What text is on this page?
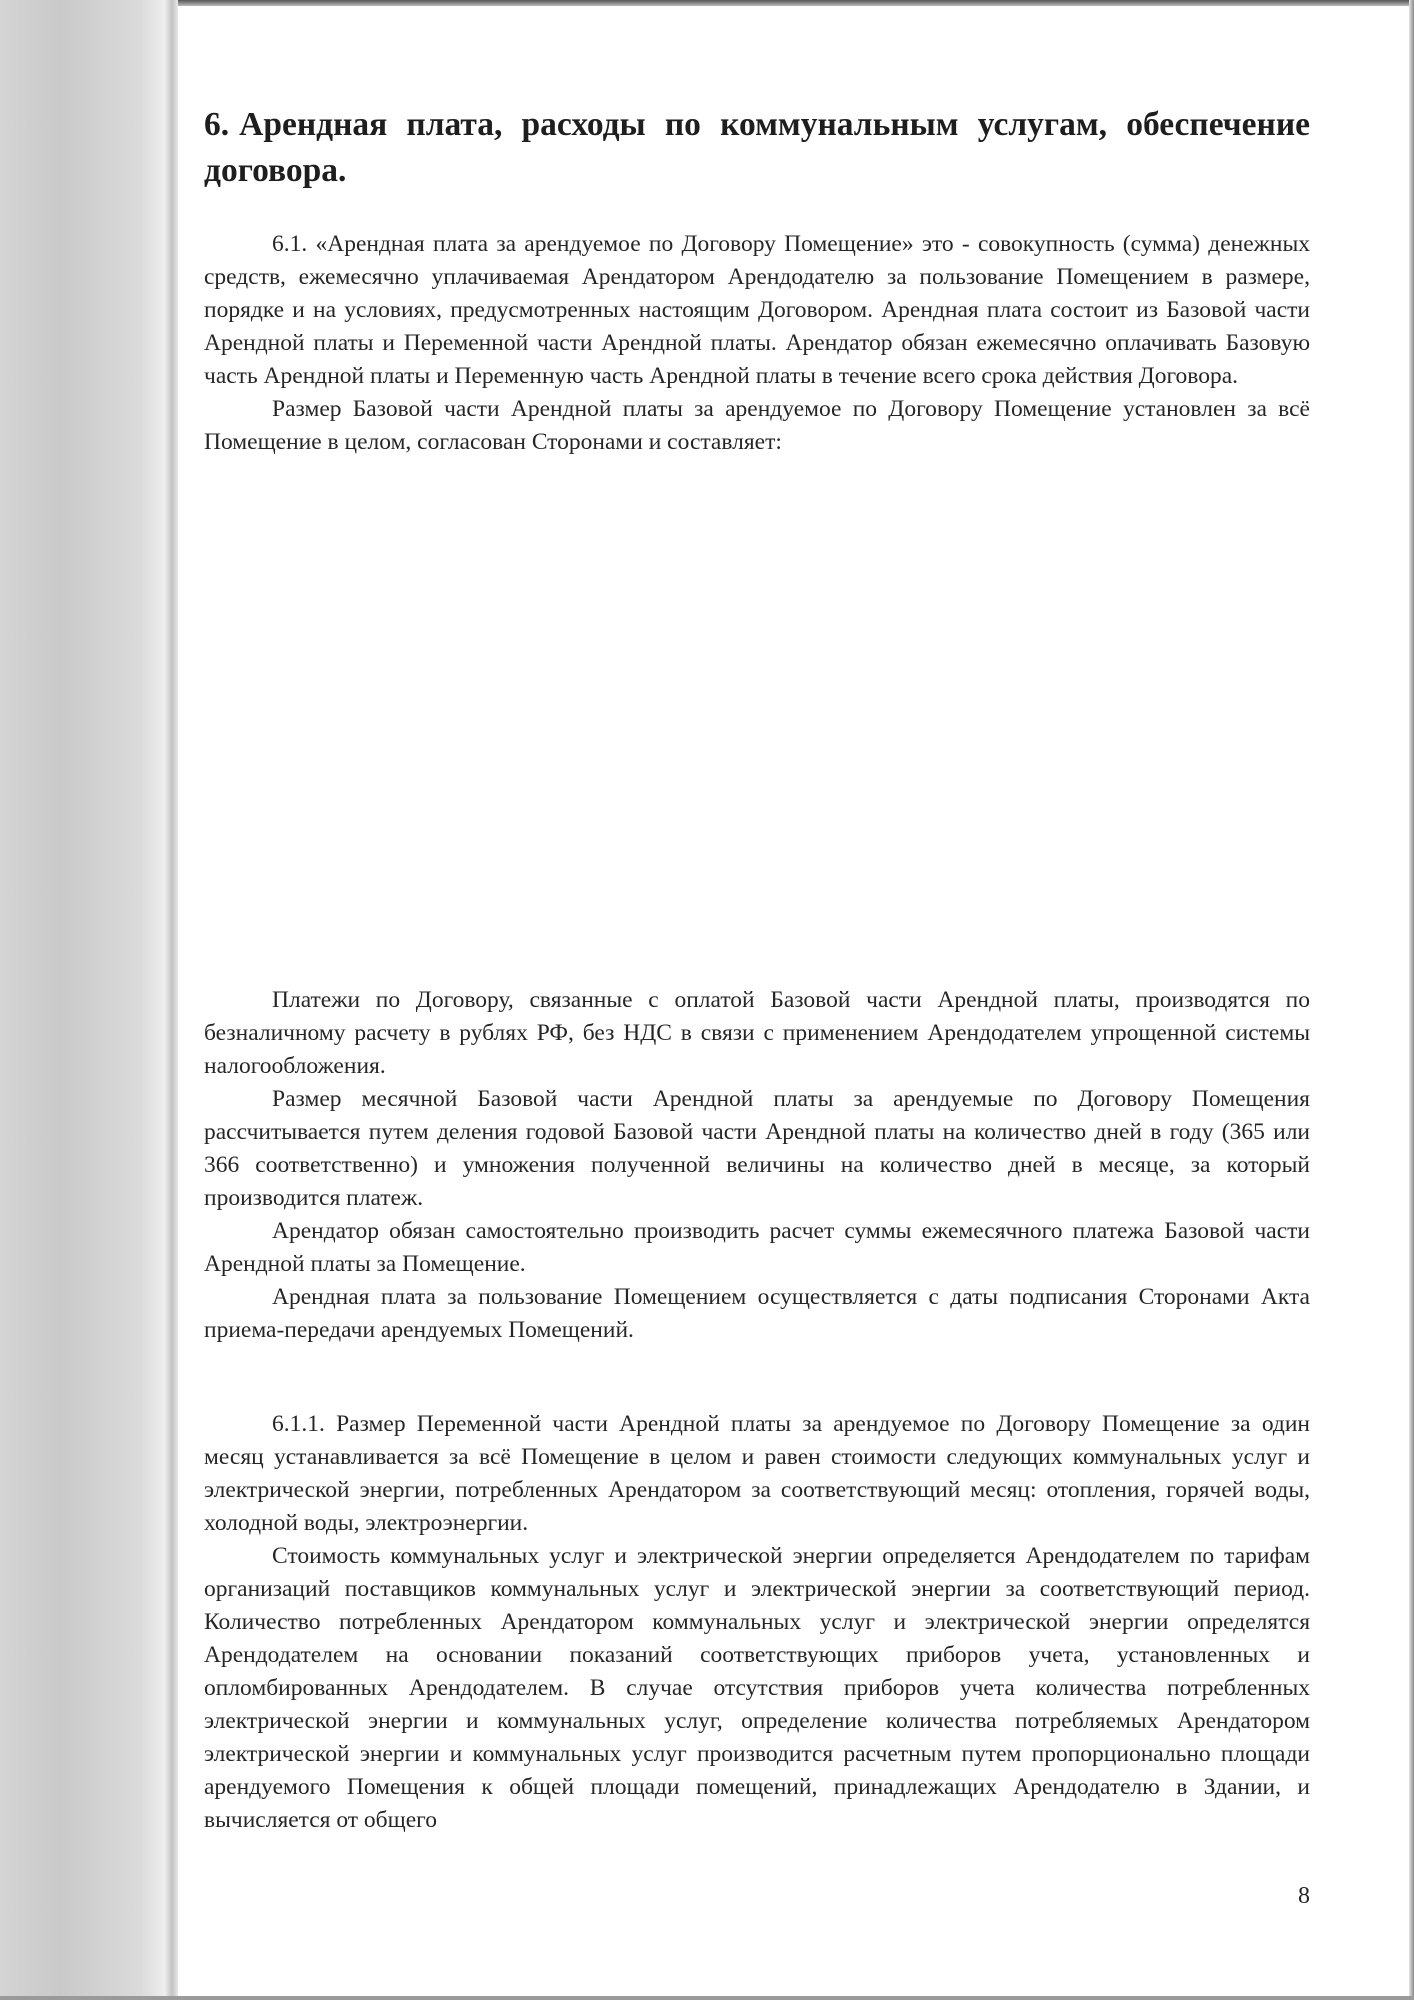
6. Арендная плата, расходы по коммунальным услугам, обеспечение договора.

6.1. «Арендная плата за арендуемое по Договору Помещение» это - совокупность (сумма) денежных средств, ежемесячно уплачиваемая Арендатором Арендодателю за пользование Помещением в размере, порядке и на условиях, предусмотренных настоящим Договором. Арендная плата состоит из Базовой части Арендной платы и Переменной части Арендной платы. Арендатор обязан ежемесячно оплачивать Базовую часть Арендной платы и Переменную часть Арендной платы в течение всего срока действия Договора.

Размер Базовой части Арендной платы за арендуемое по Договору Помещение установлен за всё Помещение в целом, согласован Сторонами и составляет:

Платежи по Договору, связанные с оплатой Базовой части Арендной платы, производятся по безналичному расчету в рублях РФ, без НДС в связи с применением Арендодателем упрощенной системы налогообложения.

Размер месячной Базовой части Арендной платы за арендуемые по Договору Помещения рассчитывается путем деления годовой Базовой части Арендной платы на количество дней в году (365 или 366 соответственно) и умножения полученной величины на количество дней в месяце, за который производится платеж.

Арендатор обязан самостоятельно производить расчет суммы ежемесячного платежа Базовой части Арендной платы за Помещение.

Арендная плата за пользование Помещением осуществляется с даты подписания Сторонами Акта приема-передачи арендуемых Помещений.

6.1.1. Размер Переменной части Арендной платы за арендуемое по Договору Помещение за один месяц устанавливается за всё Помещение в целом и равен стоимости следующих коммунальных услуг и электрической энергии, потребленных Арендатором за соответствующий месяц: отопления, горячей воды, холодной воды, электроэнергии.

Стоимость коммунальных услуг и электрической энергии определяется Арендодателем по тарифам организаций поставщиков коммунальных услуг и электрической энергии за соответствующий период. Количество потребленных Арендатором коммунальных услуг и электрической энергии определятся Арендодателем на основании показаний соответствующих приборов учета, установленных и опломбированных Арендодателем. В случае отсутствия приборов учета количества потребленных электрической энергии и коммунальных услуг, определение количества потребляемых Арендатором электрической энергии и коммунальных услуг производится расчетным путем пропорционально площади арендуемого Помещения к общей площади помещений, принадлежащих Арендодателю в Здании, и вычисляется от общего

8
